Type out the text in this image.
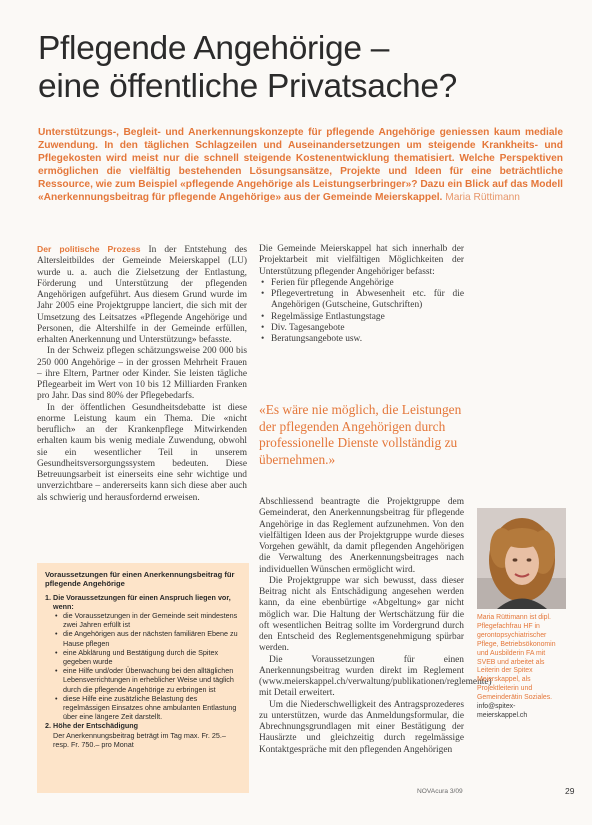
Pflegende Angehörige –
eine öffentliche Privatsache?
Unterstützungs-, Begleit- und Anerkennungskonzepte für pflegende Angehörige geniessen kaum mediale Zuwendung. In den täglichen Schlagzeilen und Auseinandersetzungen um steigende Krankheits- und Pflegekosten wird meist nur die schnell steigende Kostenentwicklung thematisiert. Welche Perspektiven ermöglichen die vielfältig bestehenden Lösungsansätze, Projekte und Ideen für eine beträchtliche Ressource, wie zum Beispiel «pflegende Angehörige als Leistungserbringer»? Dazu ein Blick auf das Modell «Anerkennungsbeitrag für pflegende Angehörige» aus der Gemeinde Meierskappel. Maria Rüttimann

Der politische Prozess In der Entstehung des Altersleitbildes der Gemeinde Meierskappel (LU) wurde u. a. auch die Zielsetzung der Entlastung, Förderung und Unterstützung der pflegenden Angehörigen aufgeführt. Aus diesem Grund wurde im Jahr 2005 eine Projektgruppe lanciert, die sich mit der Umsetzung des Leitsatzes «Pflegende Angehörige und Personen, die Altershilfe in der Gemeinde erfüllen, erhalten Anerkennung und Unterstützung» befasste.

In der Schweiz pflegen schätzungsweise 200 000 bis 250 000 Angehörige – in der grossen Mehrheit Frauen – ihre Eltern, Partner oder Kinder. Sie leisten tägliche Pflegearbeit im Wert von 10 bis 12 Milliarden Franken pro Jahr. Das sind 80% der Pflegebedarfs.

In der öffentlichen Gesundheitsdebatte ist diese enorme Leistung kaum ein Thema. Die «nicht beruflich» an der Krankenpflege Mitwirkenden erhalten kaum bis wenig mediale Zuwendung, obwohl sie ein wesentlicher Teil in unserem Gesundheitsversorgungssystem bedeuten. Diese Betreuungsarbeit ist einerseits eine sehr wichtige und unverzichtbare – andererseits kann sich diese aber auch als schwierig und herausfordernd erweisen.

Die Gemeinde Meierskappel hat sich innerhalb der Projektarbeit mit vielfältigen Möglichkeiten der Unterstützung pflegender Angehöriger befasst:

• Ferien für pflegende Angehörige
• Pflegevertretung in Abwesenheit etc. für die Angehörigen (Gutscheine, Gutschriften)
• Regelmässige Entlastungstage
• Div. Tagesangebote
• Beratungsangebote usw.
«Es wäre nie möglich, die Leistungen der pflegenden Angehörigen durch professionelle Dienste vollständig zu übernehmen.»

Abschliessend beantragte die Projektgruppe dem Gemeinderat, den Anerkennungsbeitrag für pflegende Angehörige in das Reglement aufzunehmen. Von den vielfältigen Ideen aus der Projektgruppe wurde dieses Vorgehen gewählt, da damit pflegenden Angehörigen die Verwaltung des Anerkennungsbeitrages nach individuellen Wünschen ermöglicht wird.

Die Projektgruppe war sich bewusst, dass dieser Beitrag nicht als Entschädigung angesehen werden kann, da eine ebenbürtige «Abgeltung» gar nicht möglich war. Die Haltung der Wertschätzung für die oft wesentlichen Beitrag sollte im Vordergrund durch den Entscheid des Reglementsgenehmigung spürbar werden.

Die Voraussetzungen für einen Anerkennungsbeitrag wurden direkt im Reglement (www.meierskappel.ch/verwaltung/publikationen/reglemente) mit Detail erweitert.

Um die Niederschwelligkeit des Antragsprozederes zu unterstützen, wurde das Anmeldungsformular, die Abrechnungsgrundlagen mit einer Bestätigung der Hausärzte und gleichzeitig durch regelmässige Kontaktgespräche mit den pflegenden Angehörigen

Voraussetzungen für einen Anerkennungsbeitrag für pflegende Angehörige
1. Die Voraussetzungen für einen Anspruch liegen vor, wenn:
• die Voraussetzungen in der Gemeinde seit mindestens zwei Jahren erfüllt ist
• die Angehörigen aus der nächsten familiären Ebene zu Hause pflegen
• eine Abklärung und Bestätigung durch die Spitex gegeben wurde
• eine Hilfe und/oder Überwachung bei den alltäglichen Lebensverrichtungen in erheblicher Weise und täglich durch die pflegende Angehörige zu erbringen ist
• diese Hilfe eine zusätzliche Belastung des regelmässigen Einsatzes ohne ambulanten Entlastung über eine längere Zeit darstellt.
2. Höhe der Entschädigung
Der Anerkennungsbeitrag beträgt im Tag max. Fr. 25.– resp. Fr. 750.– pro Monat
Maria Rüttimann ist dipl. Pflegefachfrau HF in gerontopsychiatrischer Pflege, Betriebsökonomin und Ausbilderin FA mit SVEB und arbeitet als Leiterin der Spitex Meierskappel, als Projektleiterin und Gemeinderätin Soziales.
info@spitex-meierskappel.ch
NOVAcura 3/09	29
